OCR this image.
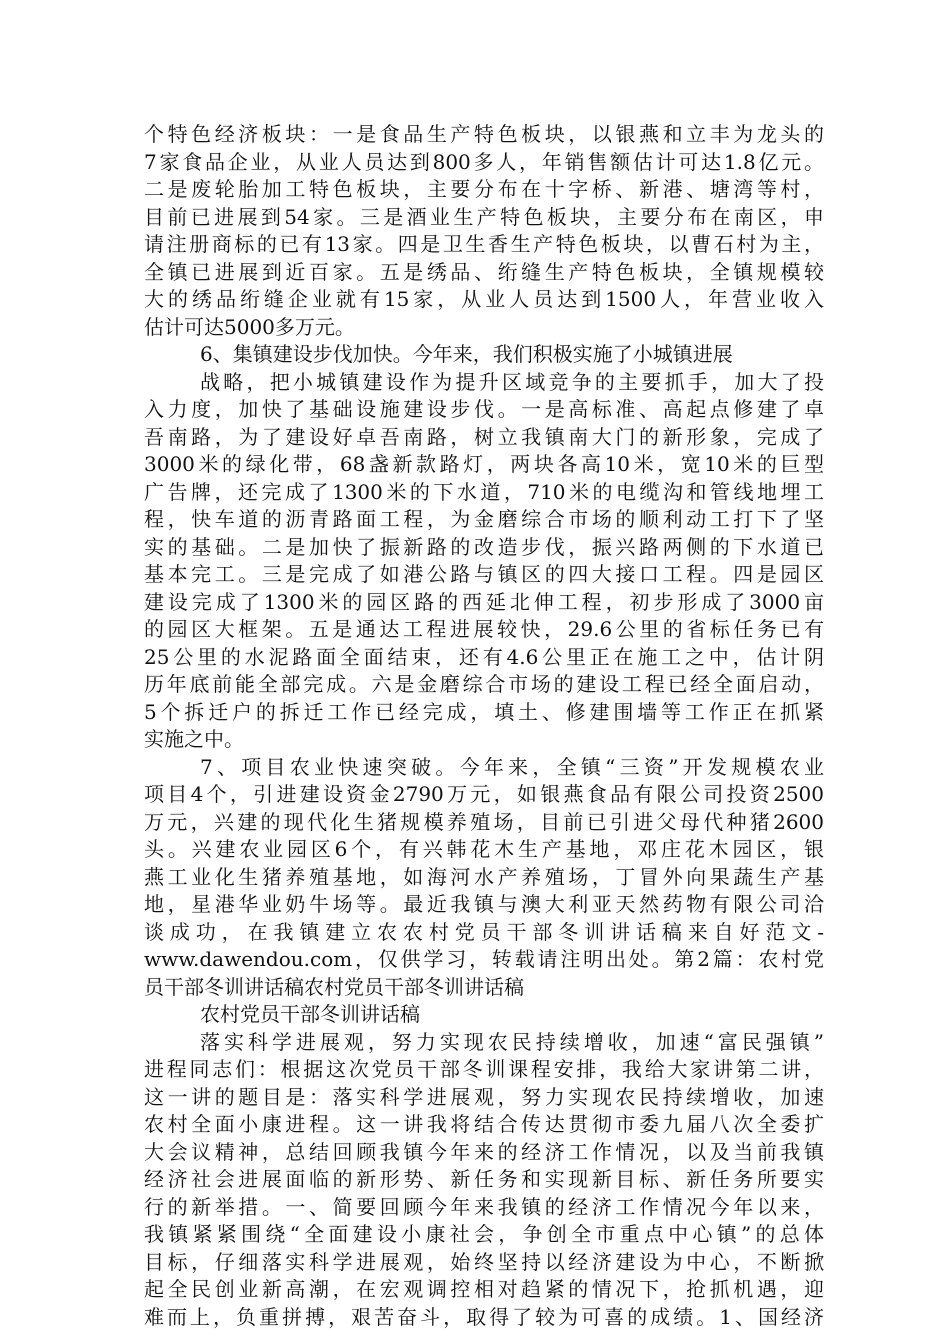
个特色经济板块：一是食品生产特色板块，以银燕和立丰为龙头的
7家食品企业，从业人员达到800多人，年销售额估计可达1.8亿元。
二是废轮胎加工特色板块，主要分布在十字桥、新港、塘湾等村，
目前已进展到54家。三是酒业生产特色板块，主要分布在南区，申
请注册商标的已有13家。四是卫生香生产特色板块，以曹石村为主，
全镇已进展到近百家。五是绣品、绗缝生产特色板块，全镇规模较
大的绣品绗缝企业就有15家，从业人员达到1500人，年营业收入
估计可达5000多万元。
6、集镇建设步伐加快。今年来，我们积极实施了小城镇进展
战略，把小城镇建设作为提升区域竞争的主要抓手，加大了投
入力度，加快了基础设施建设步伐。一是高标准、高起点修建了卓
吾南路，为了建设好卓吾南路，树立我镇南大门的新形象，完成了
3000米的绿化带，68盏新款路灯，两块各高10米，宽10米的巨型
广告牌，还完成了1300米的下水道，710米的电缆沟和管线地埋工
程，快车道的沥青路面工程，为金磨综合市场的顺利动工打下了坚
实的基础。二是加快了振新路的改造步伐，振兴路两侧的下水道已
基本完工。三是完成了如港公路与镇区的四大接口工程。四是园区
建设完成了1300米的园区路的西延北伸工程，初步形成了3000亩
的园区大框架。五是通达工程进展较快，29.6公里的省标任务已有
25公里的水泥路面全面结束，还有4.6公里正在施工之中，估计阴
历年底前能全部完成。六是金磨综合市场的建设工程已经全面启动，
5个拆迁户的拆迁工作已经完成，填土、修建围墙等工作正在抓紧
实施之中。
7、项目农业快速突破。今年来，全镇“三资”开发规模农业
项目4个，引进建设资金2790万元，如银燕食品有限公司投资2500
万元，兴建的现代化生猪规模养殖场，目前已引进父母代种猪2600
头。兴建农业园区6个，有兴韩花木生产基地，邓庄花木园区，银
燕工业化生猪养殖基地，如海河水产养殖场，丁冒外向果蔬生产基
地，星港华业奶牛场等。最近我镇与澳大利亚天然药物有限公司洽
谈成功，在我镇建立农农村党员干部冬训讲话稿来自好范文-
www.dawendou.com，仅供学习，转载请注明出处。第2篇：农村党
员干部冬训讲话稿农村党员干部冬训讲话稿
农村党员干部冬训讲话稿
落实科学进展观，努力实现农民持续增收，加速“富民强镇”
进程同志们：根据这次党员干部冬训课程安排，我给大家讲第二讲，
这一讲的题目是：落实科学进展观，努力实现农民持续增收，加速
农村全面小康进程。这一讲我将结合传达贯彻市委九届八次全委扩
大会议精神，总结回顾我镇今年来的经济工作情况，以及当前我镇
经济社会进展面临的新形势、新任务和实现新目标、新任务所要实
行的新举措。一、简要回顾今年来我镇的经济工作情况今年以来，
我镇紧紧围绕“全面建设小康社会，争创全市重点中心镇”的总体
目标，仔细落实科学进展观，始终坚持以经济建设为中心，不断掀
起全民创业新高潮，在宏观调控相对趋紧的情况下，抢抓机遇，迎
难而上，负重拼搏，艰苦奋斗，取得了较为可喜的成绩。1、国经济
